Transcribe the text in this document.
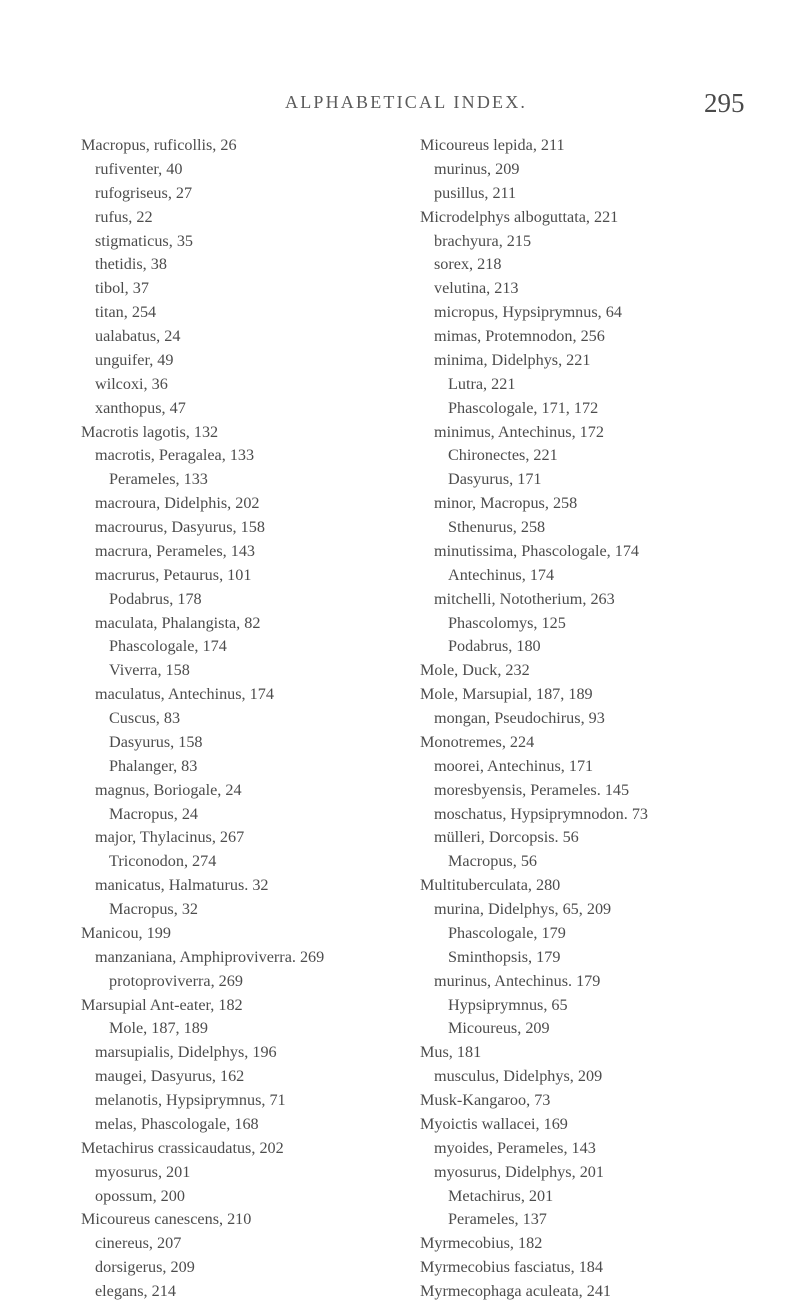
ALPHABETICAL INDEX.	295
Macropus, ruficollis, 26
rufiventer, 40
rufogriseus, 27
rufus, 22
stigmaticus, 35
thetidis, 38
tibol, 37
titan, 254
ualabatus, 24
unguifer, 49
wilcoxi, 36
xanthopus, 47
Macrotis lagotis, 132
macrotis, Peragalea, 133
Perameles, 133
macroura, Didelphis, 202
macrourus, Dasyurus, 158
macrura, Perameles, 143
macrurus, Petaurus, 101
Podabrus, 178
maculata, Phalangista, 82
Phascologale, 174
Viverra, 158
maculatus, Antechinus, 174
Cuscus, 83
Dasyurus, 158
Phalanger, 83
magnus, Boriogale, 24
Macropus, 24
major, Thylacinus, 267
Triconodon, 274
manicatus, Halmaturus. 32
Macropus, 32
Manicou, 199
manzaniana, Amphiproviverra. 269
protoproviverra, 269
Marsupial Ant-eater, 182
Mole, 187, 189
marsupialis, Didelphys, 196
maugei, Dasyurus, 162
melanotis, Hypsiprymnus, 71
melas, Phascologale, 168
Metachirus crassicaudatus, 202
myosurus, 201
opossum, 200
Micoureus canescens, 210
cinereus, 207
dorsigerus, 209
elegans, 214
Micoureus lepida, 211
murinus, 209
pusillus, 211
Microdelphys alboguttata, 221
brachyura, 215
sorex, 218
velutina, 213
micropus, Hypsiprymnus, 64
mimas, Protemnodon, 256
minima, Didelphys, 221
Lutra, 221
Phascologale, 171, 172
minimus, Antechinus, 172
Chironectes, 221
Dasyurus, 171
minor, Macropus, 258
Sthenurus, 258
minutissima, Phascologale, 174
Antechinus, 174
mitchelli, Nototherium, 263
Phascolomys, 125
Podabrus, 180
Mole, Duck, 232
Mole, Marsupial, 187, 189
mongan, Pseudochirus, 93
Monotremes, 224
moorei, Antechinus, 171
moresbyensis, Perameles. 145
moschatus, Hypsiprymnodon. 73
mülleri, Dorcopsis. 56
Macropus, 56
Multituberculata, 280
murina, Didelphys, 65, 209
Phascologale, 179
Sminthopsis, 179
murinus, Antechinus. 179
Hypsiprymnus, 65
Micoureus, 209
Mus, 181
musculus, Didelphys, 209
Musk-Kangaroo, 73
Myoictis wallacei, 169
myoides, Perameles, 143
myosurus, Didelphys, 201
Metachirus, 201
Perameles, 137
Myrmecobius, 182
Myrmecobius fasciatus, 184
Myrmecophaga aculeata, 241
